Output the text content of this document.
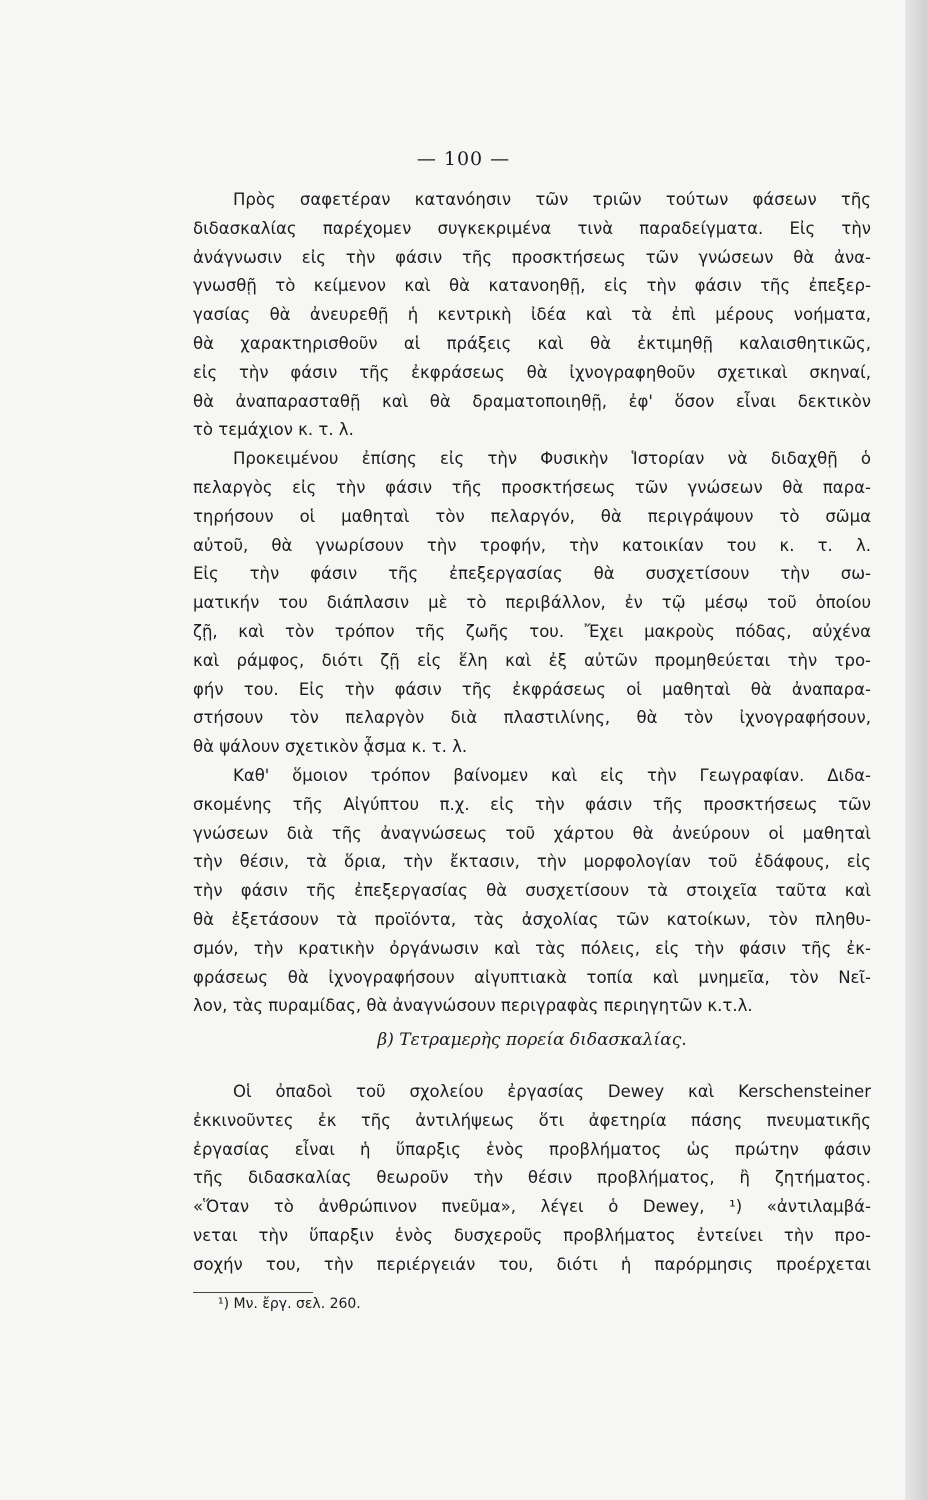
— 100 —
Πρὸς σαφετέραν κατανόησιν τῶν τριῶν τούτων φάσεων τῆς
διδασκαλίας παρέχομεν συγκεκριμένα τινὰ παραδείγματα. Εἰς τὴν
ἀνάγνωσιν εἰς τὴν φάσιν τῆς προσκτήσεως τῶν γνώσεων θὰ ἀνα-
γνωσθῇ τὸ κείμενον καὶ θὰ κατανοηθῇ, εἰς τὴν φάσιν τῆς ἐπεξερ-
γασίας θὰ ἀνευρεθῇ ἡ κεντρικὴ ἰδέα καὶ τὰ ἐπὶ μέρους νοήματα,
θὰ χαρακτηρισθοῦν αἱ πράξεις καὶ θὰ ἐκτιμηθῇ καλαισθητικῶς,
εἰς τὴν φάσιν τῆς ἐκφράσεως θὰ ἰχνογραφηθοῦν σχετικαὶ σκηναί,
θὰ ἀναπαρασταθῇ καὶ θὰ δραματοποιηθῇ, ἐφ' ὅσον εἶναι δεκτικὸν
τὸ τεμάχιον κ. τ. λ.
Προκειμένου ἐπίσης εἰς τὴν Φυσικὴν Ἱστορίαν νὰ διδαχθῇ ὁ
πελαργὸς εἰς τὴν φάσιν τῆς προσκτήσεως τῶν γνώσεων θὰ παρα-
τηρήσουν οἱ μαθηταὶ τὸν πελαργόν, θὰ περιγράψουν τὸ σῶμα
αὐτοῦ, θὰ γνωρίσουν τὴν τροφήν, τὴν κατοικίαν του κ. τ. λ.
Εἰς τὴν φάσιν τῆς ἐπεξεργασίας θὰ συσχετίσουν τὴν σω-
ματικήν του διάπλασιν μὲ τὸ περιβάλλον, ἐν τῷ μέσῳ τοῦ ὁποίου
ζῇ, καὶ τὸν τρόπον τῆς ζωῆς του. Ἔχει μακροὺς πόδας, αὐχένα
καὶ ράμφος, διότι ζῇ εἰς ἕλη καὶ ἐξ αὐτῶν προμηθεύεται τὴν τρο-
φήν του. Εἰς τὴν φάσιν τῆς ἐκφράσεως οἱ μαθηταὶ θὰ ἀναπαρα-
στήσουν τὸν πελαργὸν διὰ πλαστιλίνης, θὰ τὸν ἰχνογραφήσουν,
θὰ ψάλουν σχετικὸν ᾆσμα κ. τ. λ.
Καθ' ὅμοιον τρόπον βαίνομεν καὶ εἰς τὴν Γεωγραφίαν. Διδα-
σκομένης τῆς Αἰγύπτου π.χ. εἰς τὴν φάσιν τῆς προσκτήσεως τῶν
γνώσεων διὰ τῆς ἀναγνώσεως τοῦ χάρτου θὰ ἀνεύρουν οἱ μαθηταὶ
τὴν θέσιν, τὰ ὅρια, τὴν ἔκτασιν, τὴν μορφολογίαν τοῦ ἐδάφους, εἰς
τὴν φάσιν τῆς ἐπεξεργασίας θὰ συσχετίσουν τὰ στοιχεῖα ταῦτα καὶ
θὰ ἐξετάσουν τὰ προϊόντα, τὰς ἀσχολίας τῶν κατοίκων, τὸν πληθυ-
σμόν, τὴν κρατικὴν ὀργάνωσιν καὶ τὰς πόλεις, εἰς τὴν φάσιν τῆς ἐκ-
φράσεως θὰ ἰχνογραφήσουν αἰγυπτιακὰ τοπία καὶ μνημεῖα, τὸν Νεῖ-
λον, τὰς πυραμίδας, θὰ ἀναγνώσουν περιγραφὰς περιηγητῶν κ.τ.λ.
β) Τετραμερὴς πορεία διδασκαλίας.
Οἱ ὀπαδοὶ τοῦ σχολείου ἐργασίας Dewey καὶ Kerschensteiner
ἐκκινοῦντες ἐκ τῆς ἀντιλήψεως ὅτι ἀφετηρία πάσης πνευματικῆς
ἐργασίας εἶναι ἡ ὕπαρξις ἑνὸς προβλήματος ὡς πρώτην φάσιν
τῆς διδασκαλίας θεωροῦν τὴν θέσιν προβλήματος, ἢ ζητήματος.
«Ὅταν τὸ ἀνθρώπινον πνεῦμα», λέγει ὁ Dewey, ¹) «ἀντιλαμβά-
νεται τὴν ὕπαρξιν ἑνὸς δυσχεροῦς προβλήματος ἐντείνει τὴν προ-
σοχήν του, τὴν περιέργειάν του, διότι ἡ παρόρμησις προέρχεται
¹) Μν. ἔργ. σελ. 260.
